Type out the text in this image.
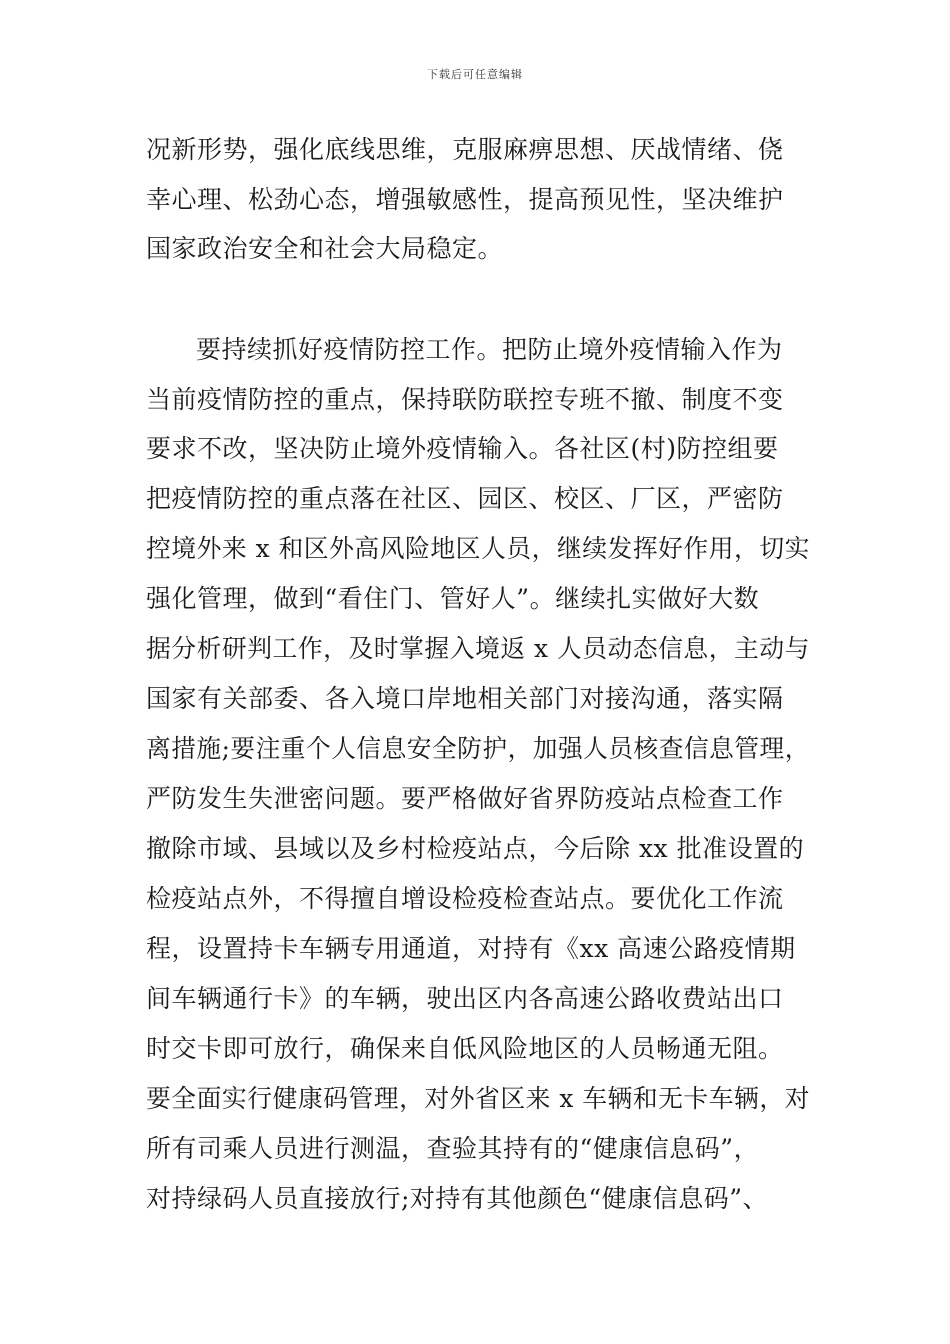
下载后可任意编辑
况新形势，强化底线思维，克服麻痹思想、厌战情绪、侥
幸心理、松劲心态，增强敏感性，提高预见性，坚决维护
国家政治安全和社会大局稳定。
要持续抓好疫情防控工作。把防止境外疫情输入作为
当前疫情防控的重点，保持联防联控专班不撤、制度不变
要求不改，坚决防止境外疫情输入。各社区(村)防控组要
把疫情防控的重点落在社区、园区、校区、厂区，严密防
控境外来 x 和区外高风险地区人员，继续发挥好作用，切实
强化管理，做到“看住门、管好人”。继续扎实做好大数
据分析研判工作，及时掌握入境返 x 人员动态信息，主动与
国家有关部委、各入境口岸地相关部门对接沟通，落实隔
离措施;要注重个人信息安全防护，加强人员核查信息管理，
严防发生失泄密问题。要严格做好省界防疫站点检查工作
撤除市域、县域以及乡村检疫站点，今后除 xx 批准设置的
检疫站点外，不得擅自增设检疫检查站点。要优化工作流
程，设置持卡车辆专用通道，对持有《xx 高速公路疫情期
间车辆通行卡》的车辆，驶出区内各高速公路收费站出口
时交卡即可放行，确保来自低风险地区的人员畅通无阻。
要全面实行健康码管理，对外省区来 x 车辆和无卡车辆，对
所有司乘人员进行测温，查验其持有的“健康信息码”，
对持绿码人员直接放行;对持有其他颜色“健康信息码”、
